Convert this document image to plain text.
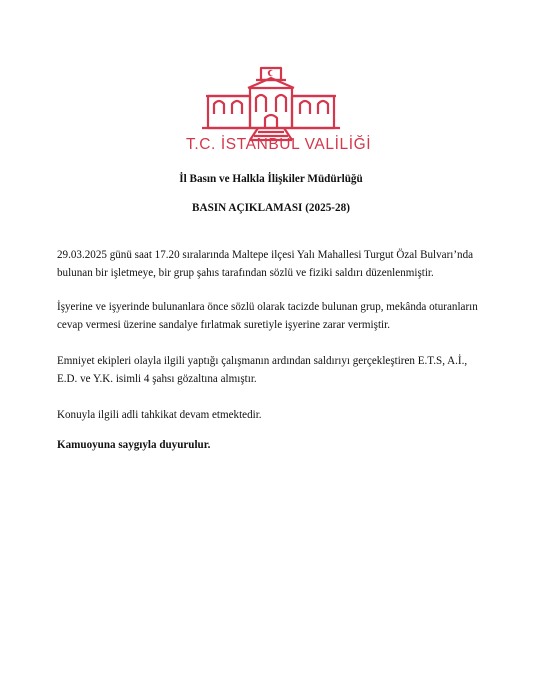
T.C. İSTANBUL VALİLİĞİ
İl Basın ve Halkla İlişkiler Müdürlüğü
BASIN AÇIKLAMASI (2025-28)
29.03.2025 günü saat 17.20 sıralarında Maltepe ilçesi Yalı Mahallesi Turgut Özal Bulvarı’nda
bulunan bir işletmeye, bir grup şahıs tarafından sözlü ve fiziki saldırı düzenlenmiştir.
İşyerine ve işyerinde bulunanlara önce sözlü olarak tacizde bulunan grup, mekânda oturanların
cevap vermesi üzerine sandalye fırlatmak suretiyle işyerine zarar vermiştir.
Emniyet ekipleri olayla ilgili yaptığı çalışmanın ardından saldırıyı gerçekleştiren E.T.S, A.İ.,
E.D. ve Y.K. isimli 4 şahsı gözaltına almıştır.
Konuyla ilgili adli tahkikat devam etmektedir.
Kamuoyuna saygıyla duyurulur.
